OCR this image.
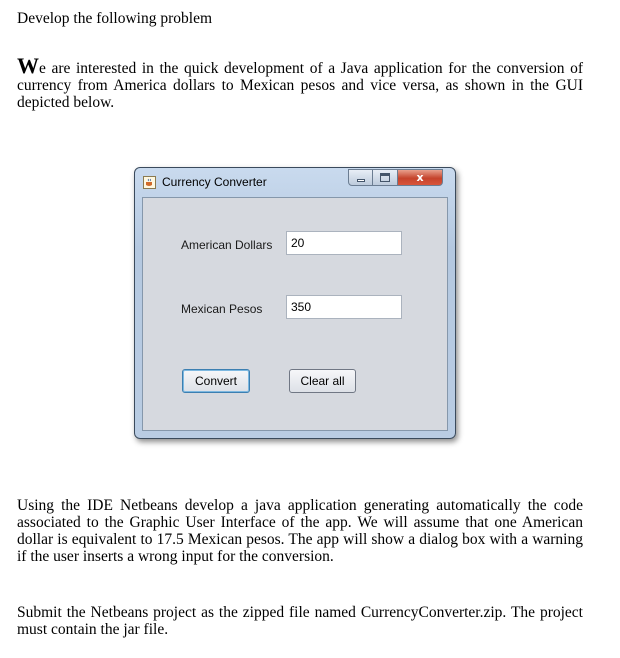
Develop the following problem
We are interested in the quick development of a Java application for the conversion of currency from America dollars to Mexican pesos and vice versa, as shown in the GUI depicted below.
Currency Converter	x
American Dollars	20
Mexican Pesos	350
Convert	Clear all
Using the IDE Netbeans develop a java application generating automatically the code associated to the Graphic User Interface of the app. We will assume that one American dollar is equivalent to 17.5 Mexican pesos. The app will show a dialog box with a warning if the user inserts a wrong input for the conversion.
Submit the Netbeans project as the zipped file named CurrencyConverter.zip. The project must contain the jar file.
